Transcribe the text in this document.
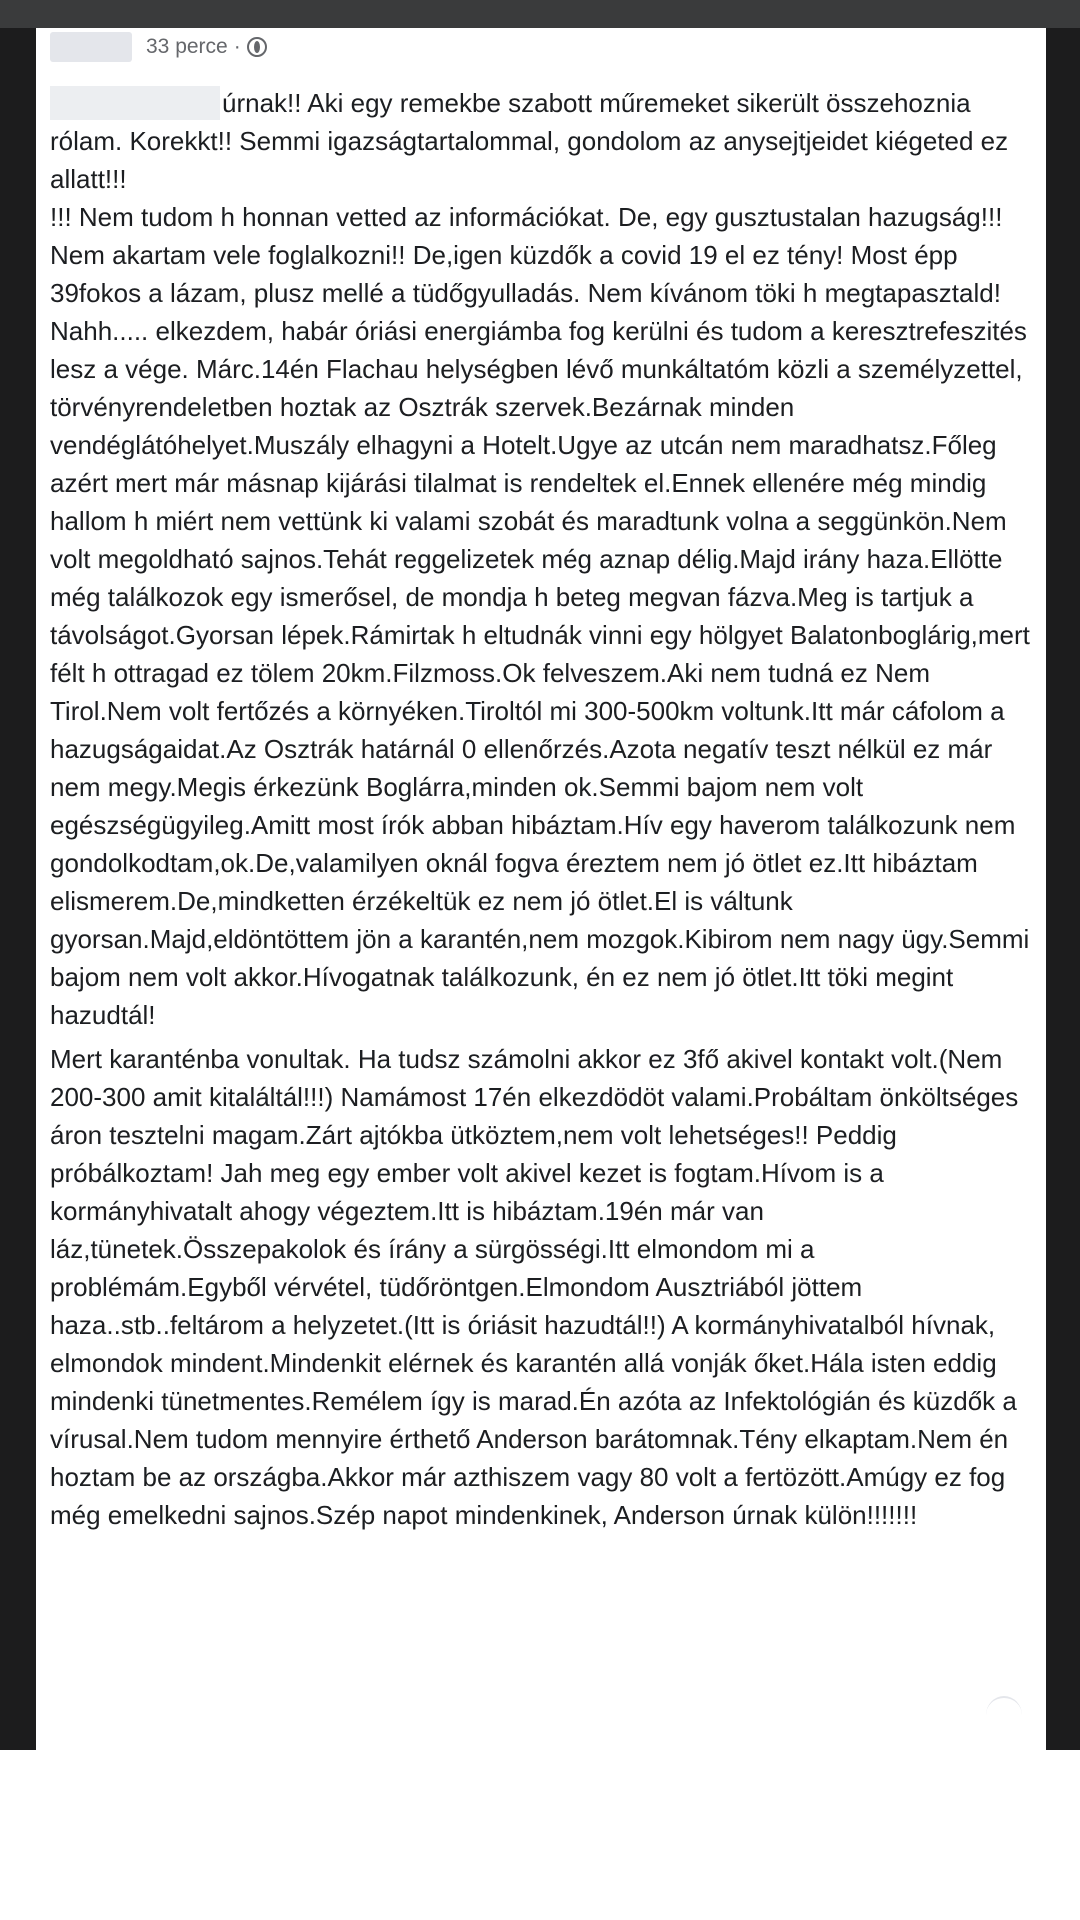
33 perce ·

úrnak!! Aki egy remekbe szabott műremeket sikerült összehoznia rólam. Korekkt!! Semmi igazságtartalommal, gondolom az anysejtjeidet kiégeted ez allatt!!!

!!! Nem tudom h honnan vetted az információkat. De, egy gusztustalan hazugság!!!

Nem akartam vele foglalkozni!! De,igen küzdők a covid 19 el ez tény! Most épp 39fokos a lázam, plusz mellé a tüdőgyulladás. Nem kívánom töki h megtapasztald! Nahh..... elkezdem, habár óriási energiámba fog kerülni és tudom a keresztrefeszités lesz a vége. Márc.14én Flachau helységben lévő munkáltatóm közli a személyzettel, törvényrendeletben hoztak az Osztrák szervek.Bezárnak minden vendéglátóhelyet.Muszály elhagyni a Hotelt.Ugye az utcán nem maradhatsz.Főleg azért mert már másnap kijárási tilalmat is rendeltek el.Ennek ellenére még mindig hallom h miért nem vettünk ki valami szobát és maradtunk volna a seggünkön.Nem volt megoldható sajnos.Tehát reggelizetek még aznap délig.Majd irány haza.Ellötte még találkozok egy ismerősel, de mondja h beteg megvan fázva.Meg is tartjuk a távolságot.Gyorsan lépek.Rámirtak h eltudnák vinni egy hölgyet Balatonboglárig,mert félt h ottragad ez tölem 20km.Filzmoss.Ok felveszem.Aki nem tudná ez Nem Tirol.Nem volt fertőzés a környéken.Tiroltól mi 300-500km voltunk.Itt már cáfolom a hazugságaidat.Az Osztrák határnál 0 ellenőrzés.Azota negatív teszt nélkül ez már nem megy.Megis érkezünk Boglárra,minden ok.Semmi bajom nem volt egészségügyileg.Amitt most írók abban hibáztam.Hív egy haverom találkozunk nem gondolkodtam,ok.De,valamilyen oknál fogva éreztem nem jó ötlet ez.Itt hibáztam elismerem.De,mindketten érzékeltük ez nem jó ötlet.El is váltunk gyorsan.Majd,eldöntöttem jön a karantén,nem mozgok.Kibirom nem nagy ügy.Semmi bajom nem volt akkor.Hívogatnak találkozunk, én ez nem jó ötlet.Itt töki megint hazudtál!

Mert karanténba vonultak. Ha tudsz számolni akkor ez 3fő akivel kontakt volt.(Nem 200-300 amit kitaláltál!!!) Namámost 17én elkezdödöt valami.Probáltam önköltséges áron tesztelni magam.Zárt ajtókba ütköztem,nem volt lehetséges!! Peddig próbálkoztam! Jah meg egy ember volt akivel kezet is fogtam.Hívom is a kormányhivatalt ahogy végeztem.Itt is hibáztam.19én már van láz,tünetek.Összepakolok és írány a sürgösségi.Itt elmondom mi a problémám.Egyből vérvétel, tüdőröntgen.Elmondom Ausztriából jöttem haza..stb..feltárom a helyzetet.(Itt is óriásit hazudtál!!) A kormányhivatalból hívnak, elmondok mindent.Mindenkit elérnek és karantén allá vonják őket.Hála isten eddig mindenki tünetmentes.Remélem így is marad.Én azóta az Infektológián és küzdők a vírusal.Nem tudom mennyire érthető Anderson barátomnak.Tény elkaptam.Nem én hoztam be az országba.Akkor már azthiszem vagy 80 volt a fertözött.Amúgy ez fog még emelkedni sajnos.Szép napot mindenkinek, Anderson úrnak külön!!!!!!!
